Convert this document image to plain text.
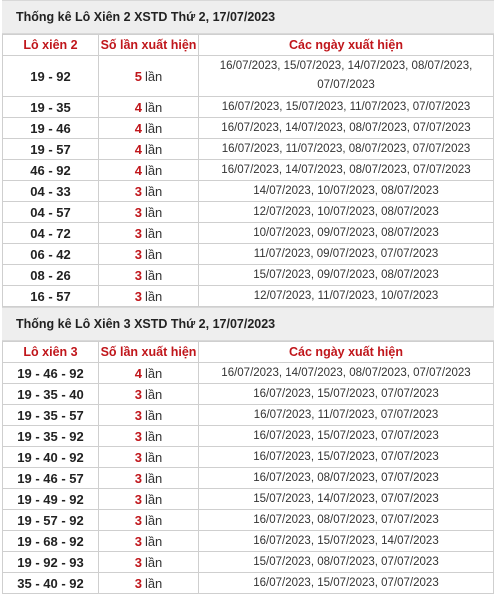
Thống kê Lô Xiên 2 XSTD Thứ 2, 17/07/2023
Lô xiên 2	Số lần xuất hiện	Các ngày xuất hiện
19 - 92	5 lần	16/07/2023, 15/07/2023, 14/07/2023, 08/07/2023, 07/07/2023
19 - 35	4 lần	16/07/2023, 15/07/2023, 11/07/2023, 07/07/2023
19 - 46	4 lần	16/07/2023, 14/07/2023, 08/07/2023, 07/07/2023
19 - 57	4 lần	16/07/2023, 11/07/2023, 08/07/2023, 07/07/2023
46 - 92	4 lần	16/07/2023, 14/07/2023, 08/07/2023, 07/07/2023
04 - 33	3 lần	14/07/2023, 10/07/2023, 08/07/2023
04 - 57	3 lần	12/07/2023, 10/07/2023, 08/07/2023
04 - 72	3 lần	10/07/2023, 09/07/2023, 08/07/2023
06 - 42	3 lần	11/07/2023, 09/07/2023, 07/07/2023
08 - 26	3 lần	15/07/2023, 09/07/2023, 08/07/2023
16 - 57	3 lần	12/07/2023, 11/07/2023, 10/07/2023
Thống kê Lô Xiên 3 XSTD Thứ 2, 17/07/2023
Lô xiên 3	Số lần xuất hiện	Các ngày xuất hiện
19 - 46 - 92	4 lần	16/07/2023, 14/07/2023, 08/07/2023, 07/07/2023
19 - 35 - 40	3 lần	16/07/2023, 15/07/2023, 07/07/2023
19 - 35 - 57	3 lần	16/07/2023, 11/07/2023, 07/07/2023
19 - 35 - 92	3 lần	16/07/2023, 15/07/2023, 07/07/2023
19 - 40 - 92	3 lần	16/07/2023, 15/07/2023, 07/07/2023
19 - 46 - 57	3 lần	16/07/2023, 08/07/2023, 07/07/2023
19 - 49 - 92	3 lần	15/07/2023, 14/07/2023, 07/07/2023
19 - 57 - 92	3 lần	16/07/2023, 08/07/2023, 07/07/2023
19 - 68 - 92	3 lần	16/07/2023, 15/07/2023, 14/07/2023
19 - 92 - 93	3 lần	15/07/2023, 08/07/2023, 07/07/2023
35 - 40 - 92	3 lần	16/07/2023, 15/07/2023, 07/07/2023
